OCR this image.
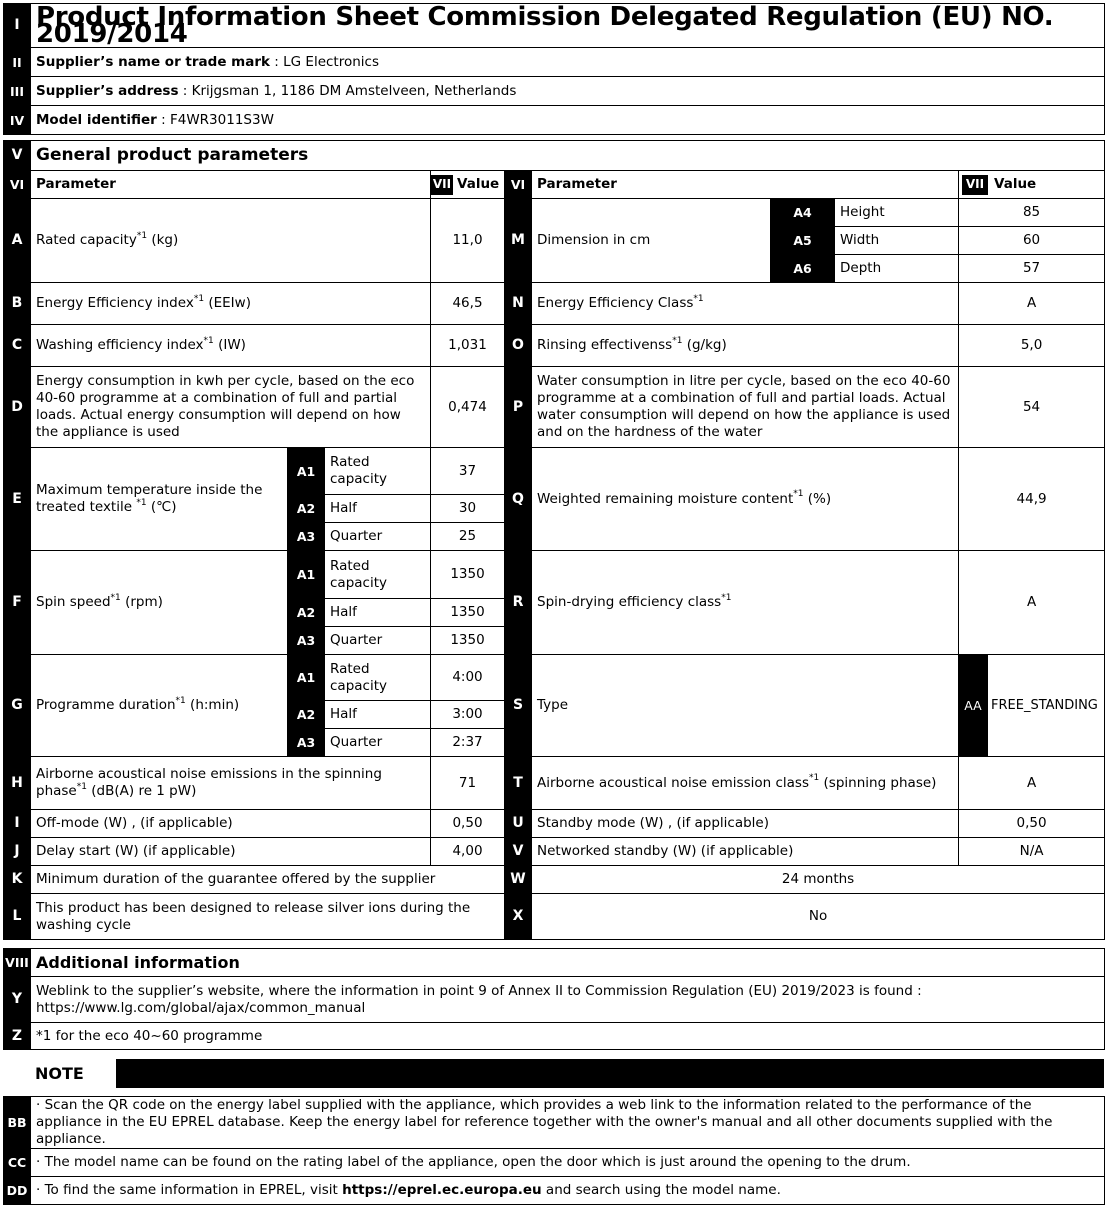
I	Product Information Sheet Commission Delegated Regulation (EU) NO. 2019/2014
II	Supplier’s name or trade mark : LG Electronics
III	Supplier’s address : Krijgsman 1, 1186 DM Amstelveen, Netherlands
IV	Model identifier : F4WR3011S3W
V	General product parameters									
VI	Parameter			VII Value	VI	Parameter			VII Value	

A	Rated capacity$^{*1}$ (kg)			11,0	M	Dimension in cm	A4	Height	85	
							A5	Width	60	
							A6	Depth	57	
B	Energy Efficiency index$^{*1}$ (EEIw)			46,5	N	Energy Efficiency Class$^{*1}$			A	
C	Washing efficiency index$^{*1}$ (IW)			1,031	O	Rinsing effectivenss$^{*1}$ (g/kg)			5,0	
D	Energy consumption in kwh per cycle, based on the eco 40-60 programme at a combination of full and partial loads. Actual energy consumption will depend on how the appliance is used			0,474	P	Water consumption in litre per cycle, based on the eco 40-60 programme at a combination of full and partial loads. Actual water consumption will depend on how the appliance is used and on the hardness of the water			54	
E	Maximum temperature inside the treated textile $^{*1}$ (℃)	A1	Rated capacity	37	Q	Weighted remaining moisture content$^{*1}$ (%)			44,9	
		A2	Half	30						
		A3	Quarter	25						
F	Spin speed$^{*1}$ (rpm)	A1	Rated capacity	1350	R	Spin-drying efficiency class$^{*1}$			A	
		A2	Half	1350						
		A3	Quarter	1350						
G	Programme duration$^{*1}$ (h:min)	A1	Rated capacity	4:00	S	Type			AA	FREE_STANDING
		A2	Half	3:00						
		A3	Quarter	2:37						
H	Airborne acoustical noise emissions in the spinning phase$^{*1}$ (dB(A) re 1 pW)			71	T	Airborne acoustical noise emission class$^{*1}$ (spinning phase)			A	
I	Off-mode (W) , (if applicable)			0,50	U	Standby mode (W) , (if applicable)			0,50	
J	Delay start (W) (if applicable)			4,00	V	Networked standby (W) (if applicable)			N/A	
K	Minimum duration of the guarantee offered by the supplier				W	24 months				
L	This product has been designed to release silver ions during the washing cycle				X	No				
VIII	Additional information
Y	Weblink to the supplier’s website, where the information in point 9 of Annex II to Commission Regulation (EU) 2019/2023 is found :
https://www.lg.com/global/ajax/common_manual
Z	*1 for the eco 40~60 programme
NOTE	
BB	· Scan the QR code on the energy label supplied with the appliance, which provides a web link to the information related to the performance of the appliance in the EU EPREL database. Keep the energy label for reference together with the owner's manual and all other documents supplied with the appliance.
CC	· The model name can be found on the rating label of the appliance, open the door which is just around the opening to the drum.
DD	· To find the same information in EPREL, visit https://eprel.ec.europa.eu and search using the model name.
